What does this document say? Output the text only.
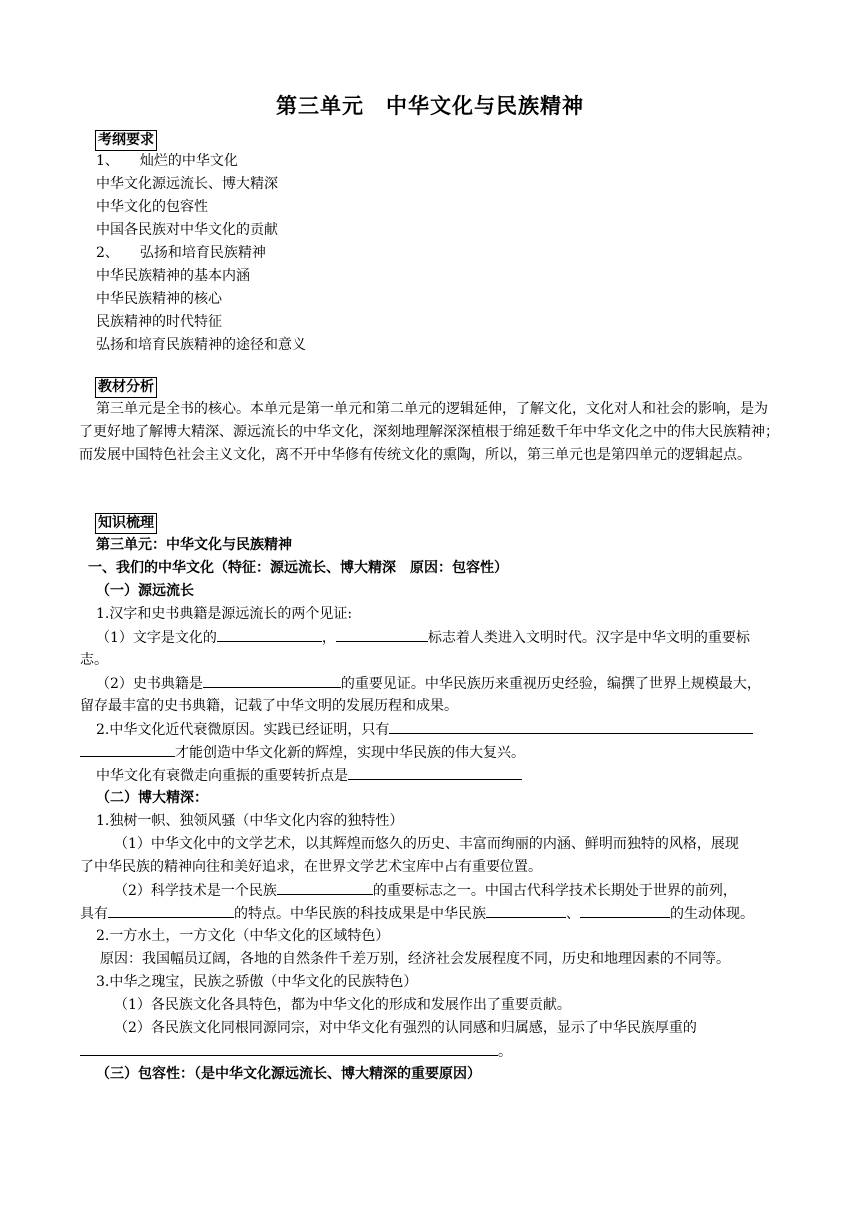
第三单元　中华文化与民族精神
考纲要求
1、　　灿烂的中华文化
中华文化源远流长、博大精深
中华文化的包容性
中国各民族对中华文化的贡献
2、　　弘扬和培育民族精神
中华民族精神的基本内涵
中华民族精神的核心
民族精神的时代特征
弘扬和培育民族精神的途径和意义
教材分析
第三单元是全书的核心。本单元是第一单元和第二单元的逻辑延伸，了解文化，文化对人和社会的影响，是为了更好地了解博大精深、源远流长的中华文化，深刻地理解深深植根于绵延数千年中华文化之中的伟大民族精神；而发展中国特色社会主义文化，离不开中华修有传统文化的熏陶，所以，第三单元也是第四单元的逻辑起点。
知识梳理
第三单元：中华文化与民族精神
一、我们的中华文化（特征：源远流长、博大精深　原因：包容性）
（一）源远流长
1.汉字和史书典籍是源远流长的两个见证:
（1）文字是文化的	，	标志着人类进入文明时代。汉字是中华文明的重要标
志。
（2）史书典籍是	的重要见证。中华民族历来重视历史经验，编撰了世界上规模最大，
留存最丰富的史书典籍，记载了中华文明的发展历程和成果。
2.中华文化近代衰微原因。实践已经证明，只有
才能创造中华文化新的辉煌，实现中华民族的伟大复兴。
中华文化有衰微走向重振的重要转折点是
（二）博大精深：
1.独树一帜、独领风骚（中华文化内容的独特性）
（1）中华文化中的文学艺术，以其辉煌而悠久的历史、丰富而绚丽的内涵、鲜明而独特的风格，展现
了中华民族的精神向往和美好追求，在世界文学艺术宝库中占有重要位置。
（2）科学技术是一个民族	的重要标志之一。中国古代科学技术长期处于世界的前列，
具有	的特点。中华民族的科技成果是中华民族	、	的生动体现。
2.一方水土，一方文化（中华文化的区域特色）
原因：我国幅员辽阔，各地的自然条件千差万别，经济社会发展程度不同，历史和地理因素的不同等。
3.中华之瑰宝，民族之骄傲（中华文化的民族特色）
（1）各民族文化各具特色，都为中华文化的形成和发展作出了重要贡献。
（2）各民族文化同根同源同宗，对中华文化有强烈的认同感和归属感，显示了中华民族厚重的
。
（三）包容性：（是中华文化源远流长、博大精深的重要原因）
